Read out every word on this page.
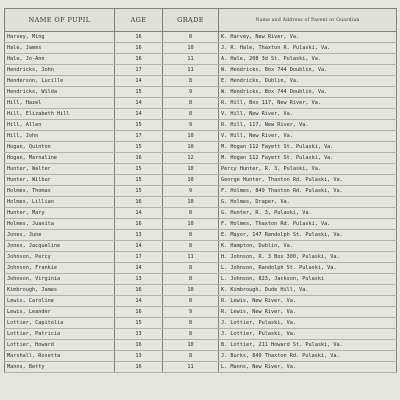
NAME OF PUPIL	AGE	GRADE	Name and Address of Parent or Guardian
Harvey, Ming	16	8	K. Harvey, New River, Va.
Hale, James	16	10	J. R. Hale, Thaxton R. Pulaski, Va.
Hale, Jo-Ann	16	11	A. Hale, 208 3d St. Pulaski, Va.
Hendricks, John	17	11	W. Hendricks, Box 744 Doublin, Va.
Henderson, Lucille	14	8	E. Hendricks, Dublin, Va.
Hendricks, Wilda	15	9	W. Hendricks, Box 744 Doublin, Va.
Hill, Hazel	14	8	R. Hill, Box 117, New River, Va.
Hill, Elizabeth Hill	14	8	V. Hill, New River, Va.
Hill, Allen	15	9	R. Hill, 117, New River, Va.
Hill, John	17	10	V. Hill, New River, Va.
Hogan, Quinton	15	10	M. Hogan 112 Fayett St. Pulaski, Va.
Hogan, Marnaline	16	12	M. Hogan 112 Fayett St. Pulaski, Va.
Hunter, Walter	15	10	Percy Hunter, R. 3, Pulaski, Va.
Hunter, Wilbur	15	10	George Hunter, Thaxton Rd. Pulaski, Va.
Holmes, Thomas	15	9	F. Holmes, 849 Thaxton Rd. Pulaski, Va.
Holmes, Lillian	16	10	G. Holmes, Draper, Va.
Hunter, Mary	14	8	G. Hunter, R. 3, Pulaski, Va.
Holmes, Juanita	16	10	F. Holmes, Thaxton Rd. Pulaski, Va.
Jones, June	13	8	E. Mayor, 147 Randolph St. Pulaski, Va.
Jones, Jacqueline	14	8	K. Hampton, Dublin, Va.
Johnson, Percy	17	11	H. Johnson, R. 3 Box 300, Pulaski, Va.
Johnson, Frankie	14	8	L. Johnson, Randolph St. Pulaski, Va.
Johnson, Virginia	13	8	L. Johnson, 823, Jackson, Pulaski
Kimbrough, James	16	10	K. Kimbrough, Dude Hill, Va.
Lewis, Caroline	14	8	R. Lewis, New River, Va.
Lewis, Leander	16	9	R. Lewis, New River, Va.
Lottier, Capitolia	15	8	J. Lottier, Pulaski, Va.
Lottier, Patricia	13	8	J. Lottier, Pulaski, Va.
Lottier, Howard	16	10	B. Lottier, 211 Howard St. Pulaski, Va.
Marshall, Rosetta	13	8	J. Burks, 849 Thaxton Rd. Pulaski, Va.
Manns, Betty	16	11	L. Manns, New River, Va.
